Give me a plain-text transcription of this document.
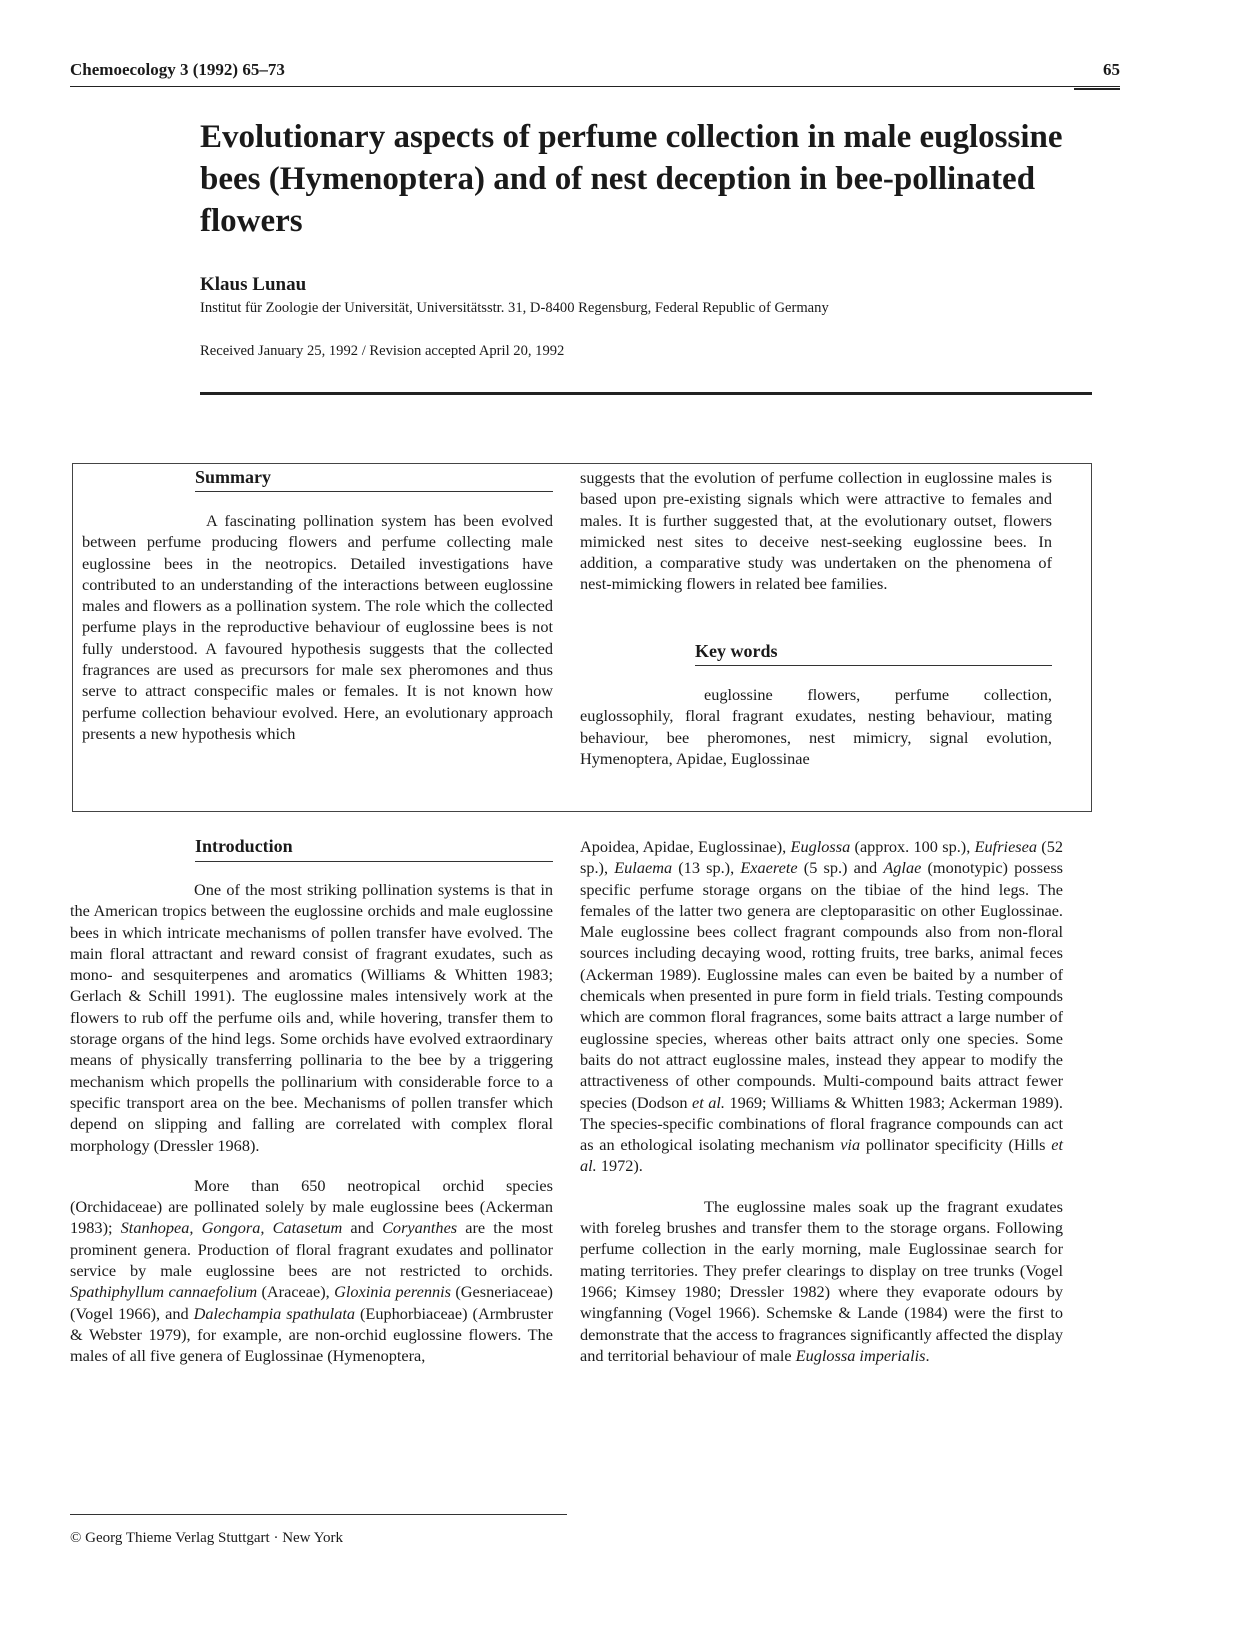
Chemoecology 3 (1992) 65–73	65
Evolutionary aspects of perfume collection in male euglossine bees (Hymenoptera) and of nest deception in bee-pollinated flowers
Klaus Lunau
Institut für Zoologie der Universität, Universitätsstr. 31, D-8400 Regensburg, Federal Republic of Germany
Received January 25, 1992 / Revision accepted April 20, 1992
Summary

A fascinating pollination system has been evolved between perfume producing flowers and perfume collecting male euglossine bees in the neotropics. Detailed investigations have contributed to an understanding of the interactions between euglossine males and flowers as a pollination system. The role which the collected perfume plays in the reproductive behaviour of euglossine bees is not fully understood. A favoured hypothesis suggests that the collected fragrances are used as precursors for male sex pheromones and thus serve to attract conspecific males or females. It is not known how perfume collection behaviour evolved. Here, an evolutionary approach presents a new hypothesis which

suggests that the evolution of perfume collection in euglossine males is based upon pre-existing signals which were attractive to females and males. It is further suggested that, at the evolutionary outset, flowers mimicked nest sites to deceive nest-seeking euglossine bees. In addition, a comparative study was undertaken on the phenomena of nest-mimicking flowers in related bee families.

Key words

euglossine flowers, perfume collection, euglossophily, floral fragrant exudates, nesting behaviour, mating behaviour, bee pheromones, nest mimicry, signal evolution, Hymenoptera, Apidae, Euglossinae

Introduction

One of the most striking pollination systems is that in the American tropics between the euglossine orchids and male euglossine bees in which intricate mechanisms of pollen transfer have evolved. The main floral attractant and reward consist of fragrant exudates, such as mono- and sesquiterpenes and aromatics (Williams & Whitten 1983; Gerlach & Schill 1991). The euglossine males intensively work at the flowers to rub off the perfume oils and, while hovering, transfer them to storage organs of the hind legs. Some orchids have evolved extraordinary means of physically transferring pollinaria to the bee by a triggering mechanism which propells the pollinarium with considerable force to a specific transport area on the bee. Mechanisms of pollen transfer which depend on slipping and falling are correlated with complex floral morphology (Dressler 1968).

More than 650 neotropical orchid species (Orchidaceae) are pollinated solely by male euglossine bees (Ackerman 1983); Stanhopea, Gongora, Catasetum and Coryanthes are the most prominent genera. Production of floral fragrant exudates and pollinator service by male euglossine bees are not restricted to orchids. Spathiphyllum cannaefolium (Araceae), Gloxinia perennis (Gesneriaceae) (Vogel 1966), and Dalechampia spathulata (Euphorbiaceae) (Armbruster & Webster 1979), for example, are non-orchid euglossine flowers. The males of all five genera of Euglossinae (Hymenoptera,

Apoidea, Apidae, Euglossinae), Euglossa (approx. 100 sp.), Eufriesea (52 sp.), Eulaema (13 sp.), Exaerete (5 sp.) and Aglae (monotypic) possess specific perfume storage organs on the tibiae of the hind legs. The females of the latter two genera are cleptoparasitic on other Euglossinae. Male euglossine bees collect fragrant compounds also from non-floral sources including decaying wood, rotting fruits, tree barks, animal feces (Ackerman 1989). Euglossine males can even be baited by a number of chemicals when presented in pure form in field trials. Testing compounds which are common floral fragrances, some baits attract a large number of euglossine species, whereas other baits attract only one species. Some baits do not attract euglossine males, instead they appear to modify the attractiveness of other compounds. Multi-compound baits attract fewer species (Dodson et al. 1969; Williams & Whitten 1983; Ackerman 1989). The species-specific combinations of floral fragrance compounds can act as an ethological isolating mechanism via pollinator specificity (Hills et al. 1972).

The euglossine males soak up the fragrant exudates with foreleg brushes and transfer them to the storage organs. Following perfume collection in the early morning, male Euglossinae search for mating territories. They prefer clearings to display on tree trunks (Vogel 1966; Kimsey 1980; Dressler 1982) where they evaporate odours by wingfanning (Vogel 1966). Schemske & Lande (1984) were the first to demonstrate that the access to fragrances significantly affected the display and territorial behaviour of male Euglossa imperialis.

© Georg Thieme Verlag Stuttgart · New York
